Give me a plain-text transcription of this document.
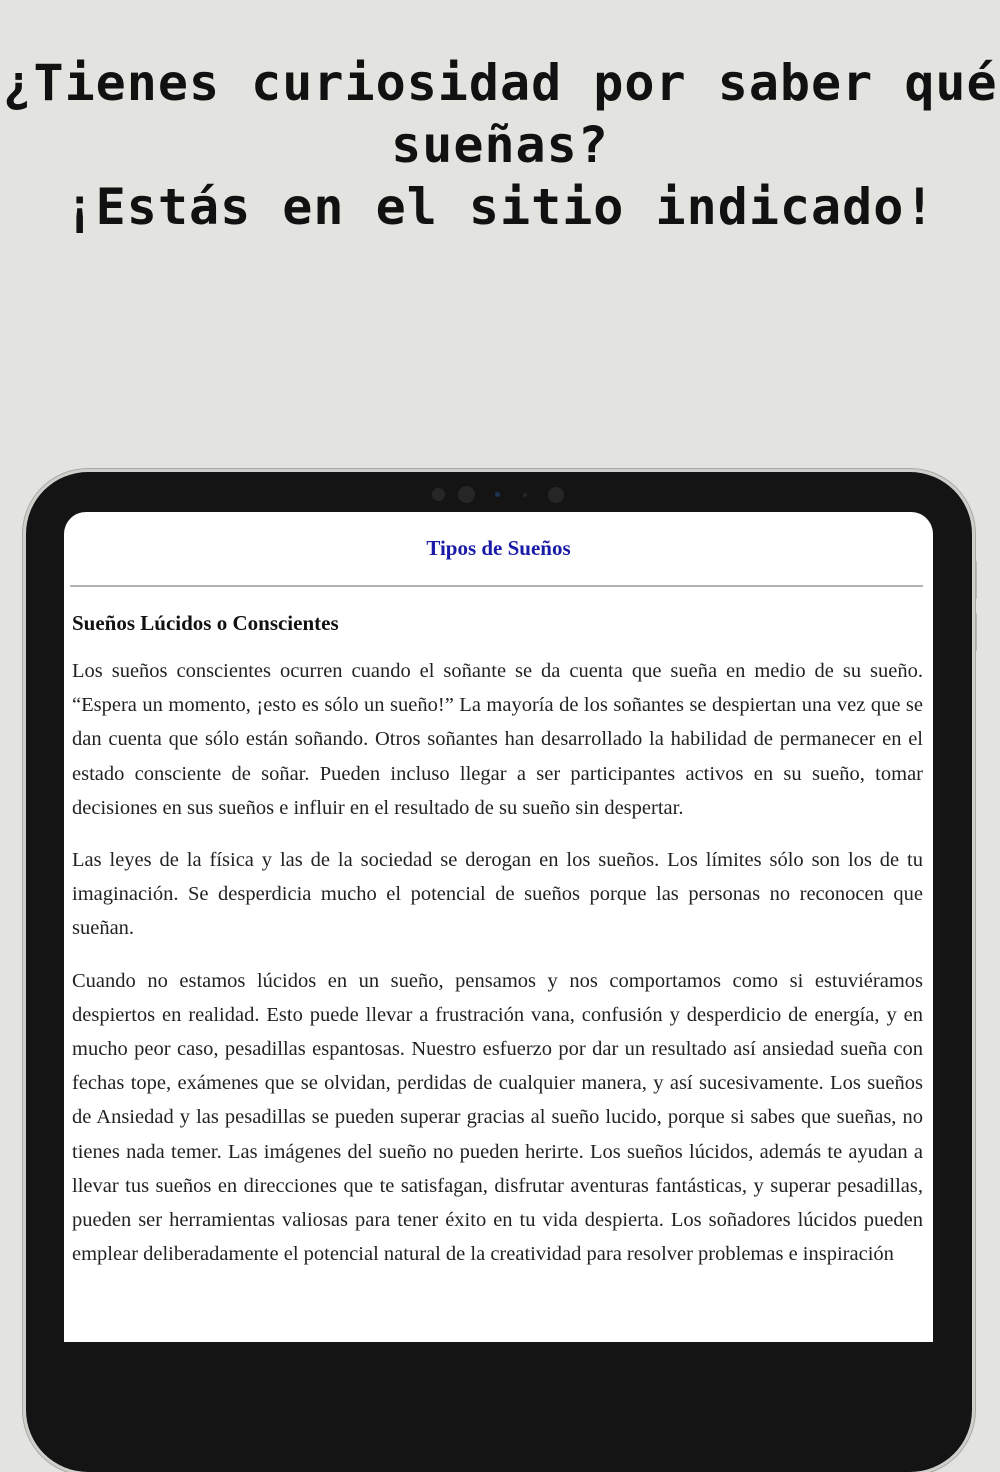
¿Tienes curiosidad por saber qué
sueñas?
¡Estás en el sitio indicado!
Tipos de Sueños
Sueños Lúcidos o Conscientes

Los sueños conscientes ocurren cuando el soñante se da cuenta que sueña en medio de su sueño. “Espera un momento, ¡esto es sólo un sueño!” La mayoría de los soñantes se despiertan una vez que se dan cuenta que sólo están soñando. Otros soñantes han desarrollado la habilidad de permanecer en el estado consciente de soñar. Pueden incluso llegar a ser participantes activos en su sueño, tomar decisiones en sus sueños e influir en el resultado de su sueño sin despertar.

Las leyes de la física y las de la sociedad se derogan en los sueños. Los límites sólo son los de tu imaginación. Se desperdicia mucho el potencial de sueños porque las personas no reconocen que sueñan.

Cuando no estamos lúcidos en un sueño, pensamos y nos comportamos como si estuviéramos despiertos en realidad. Esto puede llevar a frustración vana, confusión y desperdicio de energía, y en mucho peor caso, pesadillas espantosas. Nuestro esfuerzo por dar un resultado así ansiedad sueña con fechas tope, exámenes que se olvidan, perdidas de cualquier manera, y así sucesivamente. Los sueños de Ansiedad y las pesadillas se pueden superar gracias al sueño lucido, porque si sabes que sueñas, no tienes nada temer. Las imágenes del sueño no pueden herirte. Los sueños lúcidos, además te ayudan a llevar tus sueños en direcciones que te satisfagan, disfrutar aventuras fantásticas, y superar pesadillas, pueden ser herramientas valiosas para tener éxito en tu vida despierta. Los soñadores lúcidos pueden emplear deliberadamente el potencial natural de la creatividad para resolver problemas e inspiración
